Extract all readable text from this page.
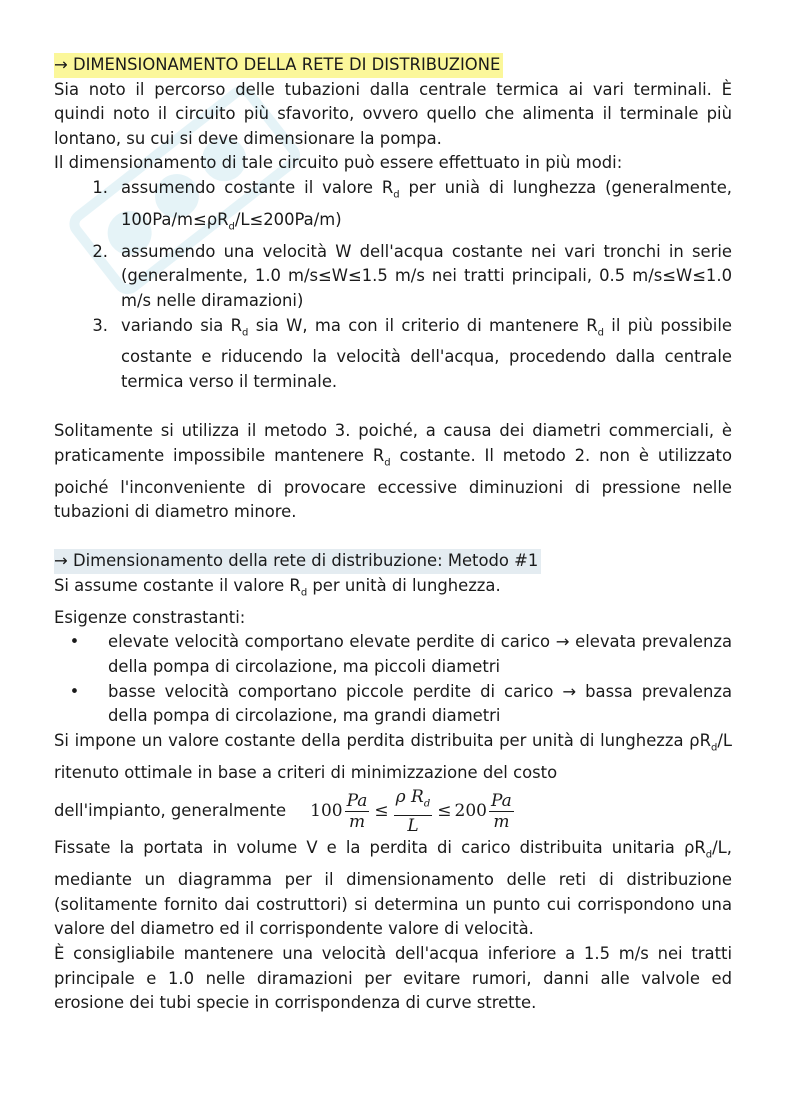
→ DIMENSIONAMENTO DELLA RETE DI DISTRIBUZIONE

Sia noto il percorso delle tubazioni dalla centrale termica ai vari terminali. È quindi noto il circuito più sfavorito, ovvero quello che alimenta il terminale più lontano, su cui si deve dimensionare la pompa.

Il dimensionamento di tale circuito può essere effettuato in più modi:

1. assumendo costante il valore $R_d$ per unià di lunghezza (generalmente, $100Pa/m\le\rho R_d/L\le 200Pa/m$)
2. assumendo una velocità W dell'acqua costante nei vari tronchi in serie (generalmente, 1.0 m/s≤W≤1.5 m/s nei tratti principali, 0.5 m/s≤W≤1.0 m/s nelle diramazioni)
3. variando sia $R_d$ sia W, ma con il criterio di mantenere $R_d$ il più possibile costante e riducendo la velocità dell'acqua, procedendo dalla centrale termica verso il terminale.

Solitamente si utilizza il metodo 3. poiché, a causa dei diametri commerciali, è praticamente impossibile mantenere $R_d$ costante. Il metodo 2. non è utilizzato poiché l'inconveniente di provocare eccessive diminuzioni di pressione nelle tubazioni di diametro minore.

→ Dimensionamento della rete di distribuzione: Metodo #1

Si assume costante il valore $R_d$ per unità di lunghezza.

Esigenze constrastanti:

•	elevate velocità comportano elevate perdite di carico → elevata prevalenza della pompa di circolazione, ma piccoli diametri
•	basse velocità comportano piccole perdite di carico → bassa prevalenza della pompa di circolazione, ma grandi diametri

Si impone un valore costante della perdita distribuita per unità di lunghezza $\rho R_d/L$ ritenuto ottimale in base a criteri di minimizzazione del costo

dell'impianto, generalmente $100 \frac{Pa}{m} \le \frac{\rho R_d}{L} \le 200 \frac{Pa}{m}$

Fissate la portata in volume V e la perdita di carico distribuita unitaria $\rho R_d/L$, mediante un diagramma per il dimensionamento delle reti di distribuzione (solitamente fornito dai costruttori) si determina un punto cui corrispondono una valore del diametro ed il corrispondente valore di velocità.

È consigliabile mantenere una velocità dell'acqua inferiore a 1.5 m/s nei tratti principale e 1.0 nelle diramazioni per evitare rumori, danni alle valvole ed erosione dei tubi specie in corrispondenza di curve strette.
